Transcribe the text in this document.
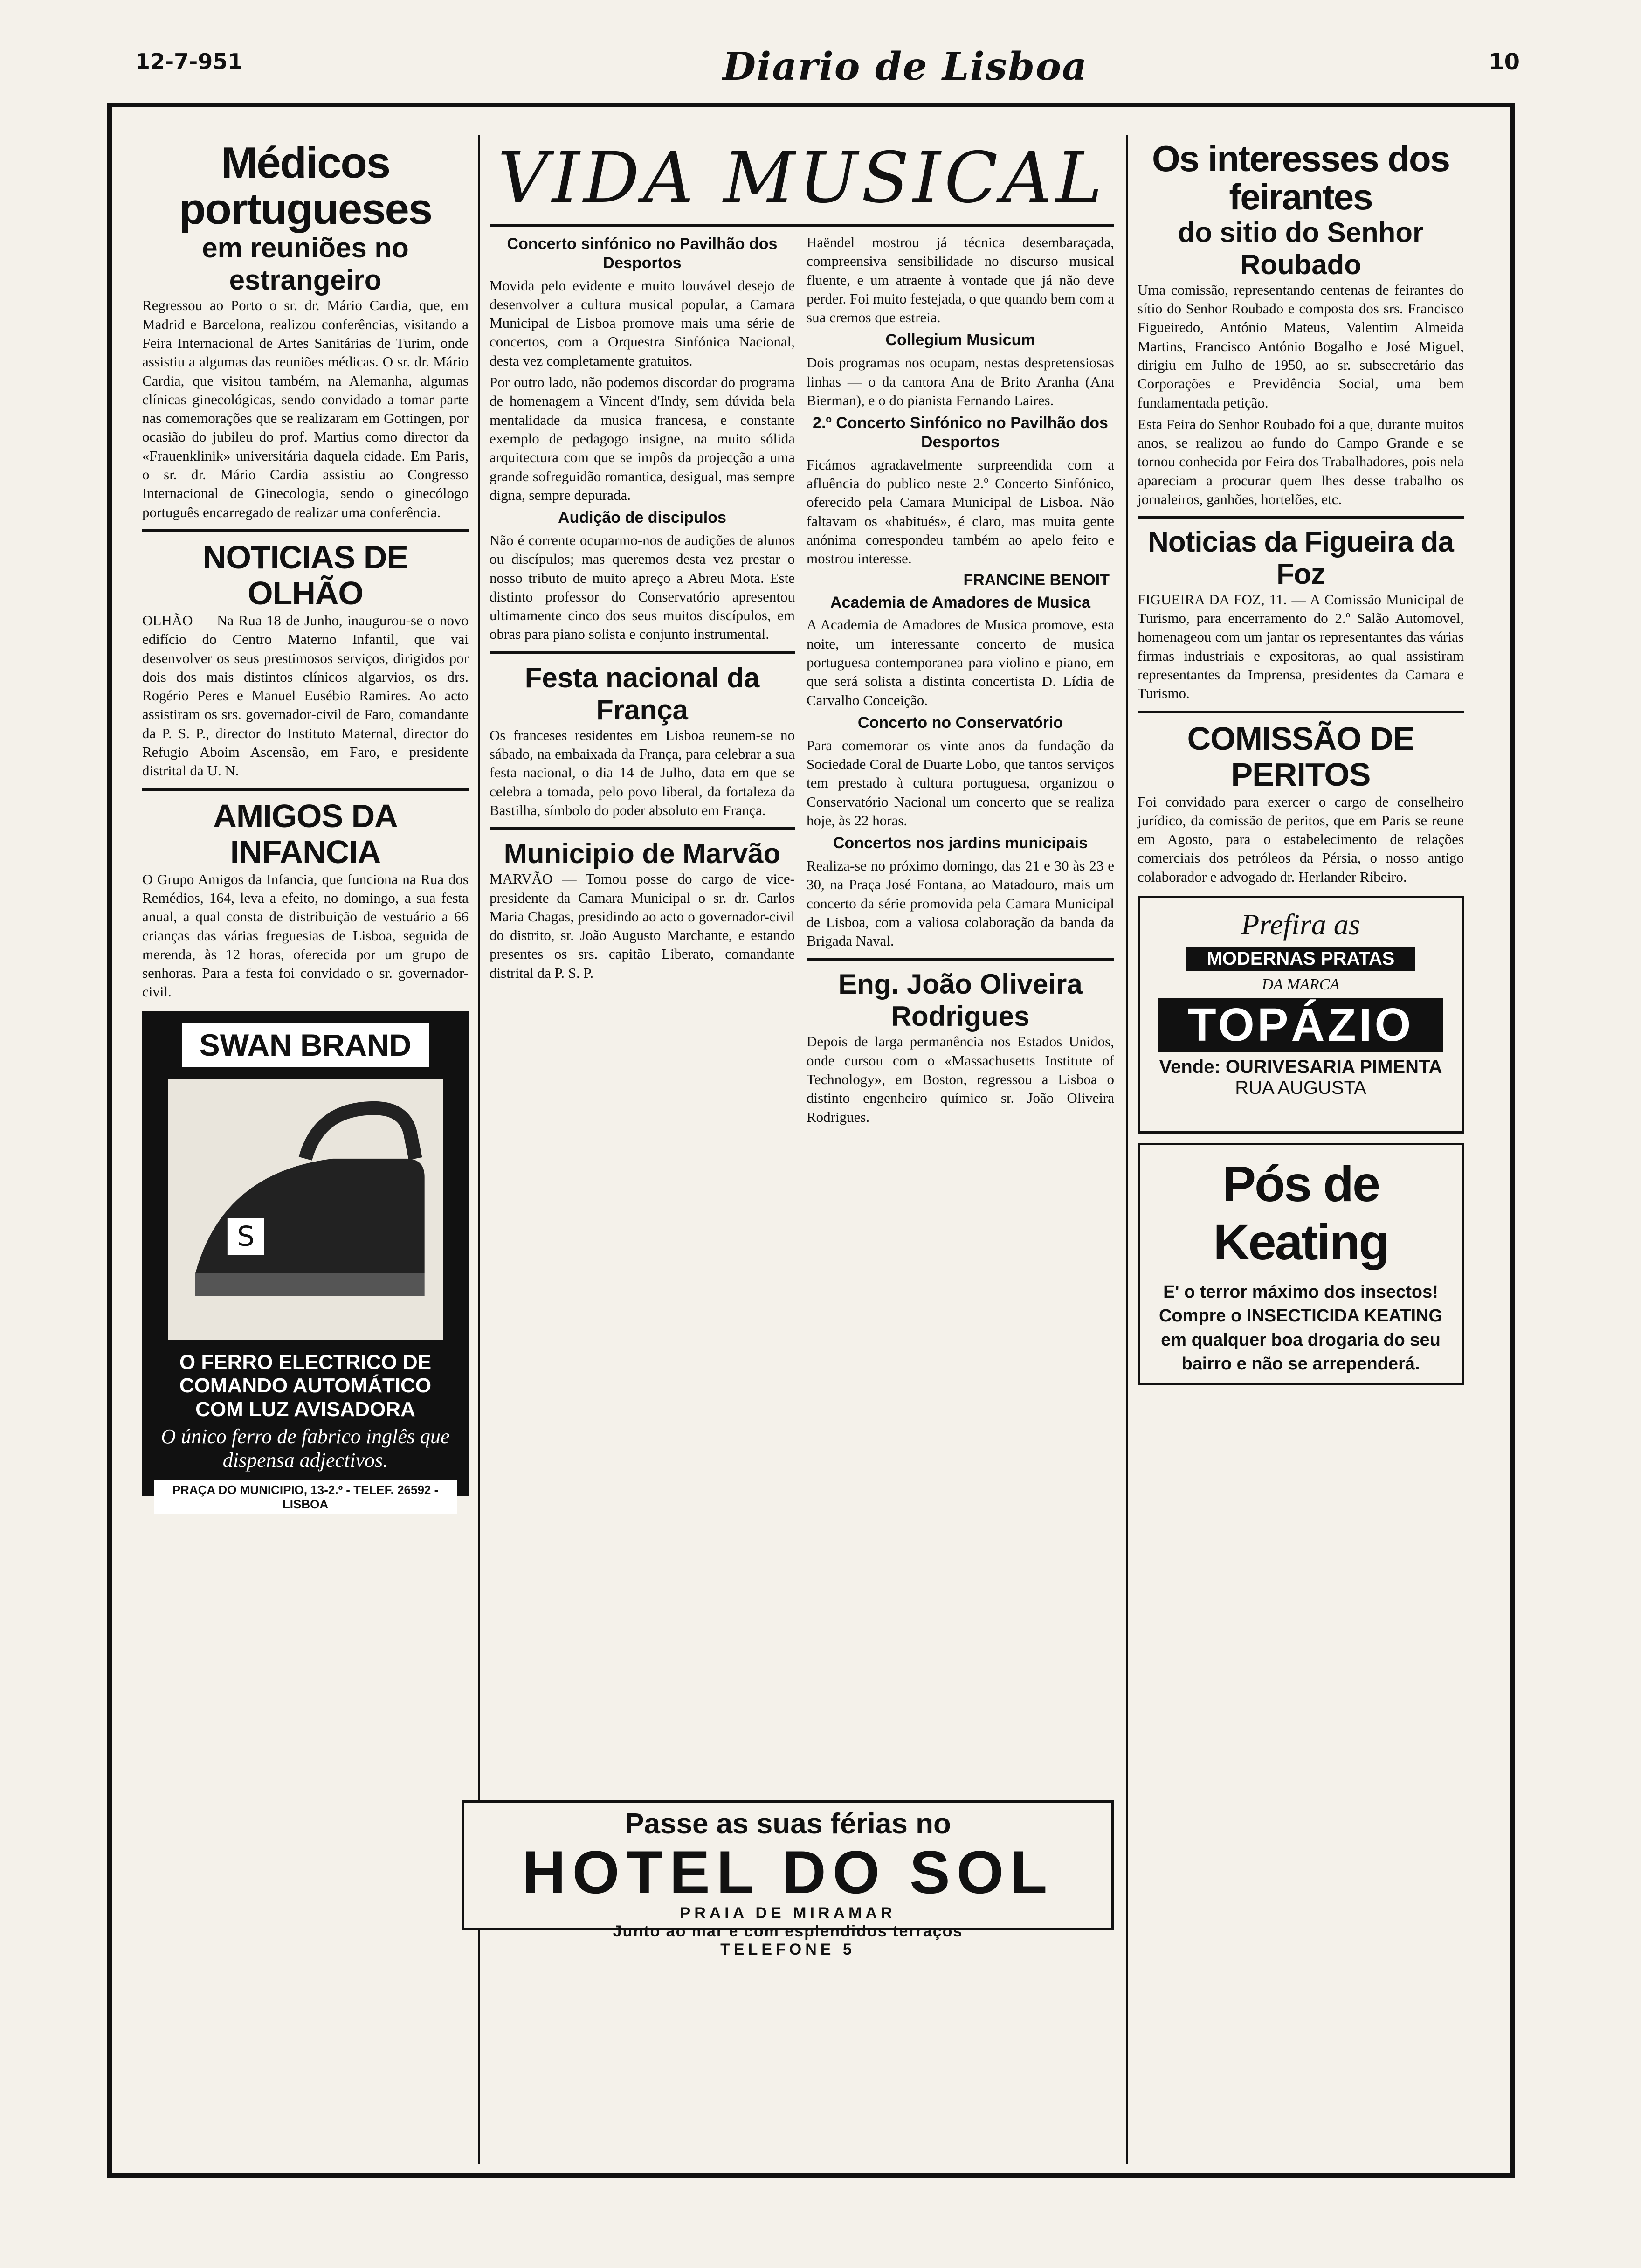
12-7-951	Diario de Lisboa	10
Médicos portugueses
em reuniões no estrangeiro

Regressou ao Porto o sr. dr. Mário Cardia, que, em Madrid e Barcelona, realizou conferências, visitando a Feira Internacional de Artes Sanitárias de Turim, onde assistiu a algumas das reuniões médicas. O sr. dr. Mário Cardia, que visitou também, na Alemanha, algumas clínicas ginecológicas, sendo convidado a tomar parte nas comemorações que se realizaram em Gottingen, por ocasião do jubileu do prof. Martius como director da «Frauenklinik» universitária daquela cidade. Em Paris, o sr. dr. Mário Cardia assistiu ao Congresso Internacional de Ginecologia, sendo o ginecólogo português encarregado de realizar uma conferência.

NOTICIAS DE OLHÃO

OLHÃO — Na Rua 18 de Junho, inaugurou-se o novo edifício do Centro Materno Infantil, que vai desenvolver os seus prestimosos serviços, dirigidos por dois dos mais distintos clínicos algarvios, os drs. Rogério Peres e Manuel Eusébio Ramires. Ao acto assistiram os srs. governador-civil de Faro, comandante da P. S. P., director do Instituto Maternal, director do Refugio Aboim Ascensão, em Faro, e presidente distrital da U. N.

AMIGOS DA INFANCIA

O Grupo Amigos da Infancia, que funciona na Rua dos Remédios, 164, leva a efeito, no domingo, a sua festa anual, a qual consta de distribuição de vestuário a 66 crianças das várias freguesias de Lisboa, seguida de merenda, às 12 horas, oferecida por um grupo de senhoras. Para a festa foi convidado o sr. governador-civil.

SWAN BRAND
S
O FERRO ELECTRICO DE
COMANDO AUTOMÁTICO
COM LUZ AVISADORA
O único ferro de fabrico inglês que dispensa adjectivos.
PRAÇA DO MUNICIPIO, 13-2.º - TELEF. 26592 - LISBOA
VIDA MUSICAL
Concerto sinfónico no Pavilhão dos Desportos

Movida pelo evidente e muito louvável desejo de desenvolver a cultura musical popular, a Camara Municipal de Lisboa promove mais uma série de concertos, com a Orquestra Sinfónica Nacional, desta vez completamente gratuitos.

Por outro lado, não podemos discordar do programa de homenagem a Vincent d'Indy, sem dúvida bela mentalidade da musica francesa, e constante exemplo de pedagogo insigne, na muito sólida arquitectura com que se impôs da projecção a uma grande sofreguidão romantica, desigual, mas sempre digna, sempre depurada.

Audição de discipulos

Não é corrente ocuparmo-nos de audições de alunos ou discípulos; mas queremos desta vez prestar o nosso tributo de muito apreço a Abreu Mota. Este distinto professor do Conservatório apresentou ultimamente cinco dos seus muitos discípulos, em obras para piano solista e conjunto instrumental.

Festa nacional da França

Os franceses residentes em Lisboa reunem-se no sábado, na embaixada da França, para celebrar a sua festa nacional, o dia 14 de Julho, data em que se celebra a tomada, pelo povo liberal, da fortaleza da Bastilha, símbolo do poder absoluto em França.

Municipio de Marvão

MARVÃO — Tomou posse do cargo de vice-presidente da Camara Municipal o sr. dr. Carlos Maria Chagas, presidindo ao acto o governador-civil do distrito, sr. João Augusto Marchante, e estando presentes os srs. capitão Liberato, comandante distrital da P. S. P.

Haëndel mostrou já técnica desembaraçada, compreensiva sensibilidade no discurso musical fluente, e um atraente à vontade que já não deve perder. Foi muito festejada, o que quando bem com a sua cremos que estreia.

Collegium Musicum

Dois programas nos ocupam, nestas despretensiosas linhas — o da cantora Ana de Brito Aranha (Ana Bierman), e o do pianista Fernando Laires.

2.º Concerto Sinfónico no Pavilhão dos Desportos

Ficámos agradavelmente surpreendida com a afluência do publico neste 2.º Concerto Sinfónico, oferecido pela Camara Municipal de Lisboa. Não faltavam os «habitués», é claro, mas muita gente anónima correspondeu também ao apelo feito e mostrou interesse.

FRANCINE BENOIT
Academia de Amadores de Musica

A Academia de Amadores de Musica promove, esta noite, um interessante concerto de musica portuguesa contemporanea para violino e piano, em que será solista a distinta concertista D. Lídia de Carvalho Conceição.

Concerto no Conservatório

Para comemorar os vinte anos da fundação da Sociedade Coral de Duarte Lobo, que tantos serviços tem prestado à cultura portuguesa, organizou o Conservatório Nacional um concerto que se realiza hoje, às 22 horas.

Concertos nos jardins municipais

Realiza-se no próximo domingo, das 21 e 30 às 23 e 30, na Praça José Fontana, ao Matadouro, mais um concerto da série promovida pela Camara Municipal de Lisboa, com a valiosa colaboração da banda da Brigada Naval.

Eng. João Oliveira Rodrigues

Depois de larga permanência nos Estados Unidos, onde cursou com o «Massachusetts Institute of Technology», em Boston, regressou a Lisboa o distinto engenheiro químico sr. João Oliveira Rodrigues.

Os interesses dos feirantes
do sitio do Senhor Roubado

Uma comissão, representando centenas de feirantes do sítio do Senhor Roubado e composta dos srs. Francisco Figueiredo, António Mateus, Valentim Almeida Martins, Francisco António Bogalho e José Miguel, dirigiu em Julho de 1950, ao sr. subsecretário das Corporações e Previdência Social, uma bem fundamentada petição.

Esta Feira do Senhor Roubado foi a que, durante muitos anos, se realizou ao fundo do Campo Grande e se tornou conhecida por Feira dos Trabalhadores, pois nela apareciam a procurar quem lhes desse trabalho os jornaleiros, ganhões, hortelões, etc.

Noticias da Figueira da Foz

FIGUEIRA DA FOZ, 11. — A Comissão Municipal de Turismo, para encerramento do 2.º Salão Automovel, homenageou com um jantar os representantes das várias firmas industriais e expositoras, ao qual assistiram representantes da Imprensa, presidentes da Camara e Turismo.

COMISSÃO DE PERITOS

Foi convidado para exercer o cargo de conselheiro jurídico, da comissão de peritos, que em Paris se reune em Agosto, para o estabelecimento de relações comerciais dos petróleos da Pérsia, o nosso antigo colaborador e advogado dr. Herlander Ribeiro.

Prefira as
MODERNAS PRATAS
DA MARCA
TOPÁZIO
Vende: OURIVESARIA PIMENTA
RUA AUGUSTA
Pós de Keating
E' o terror máximo dos insectos! Compre o INSECTICIDA KEATING em qualquer boa drogaria do seu bairro e não se arrependerá.
Passe as suas férias no
HOTEL DO SOL
PRAIA DE MIRAMAR
Junto ao mar e com esplendidos terraços
TELEFONE 5
